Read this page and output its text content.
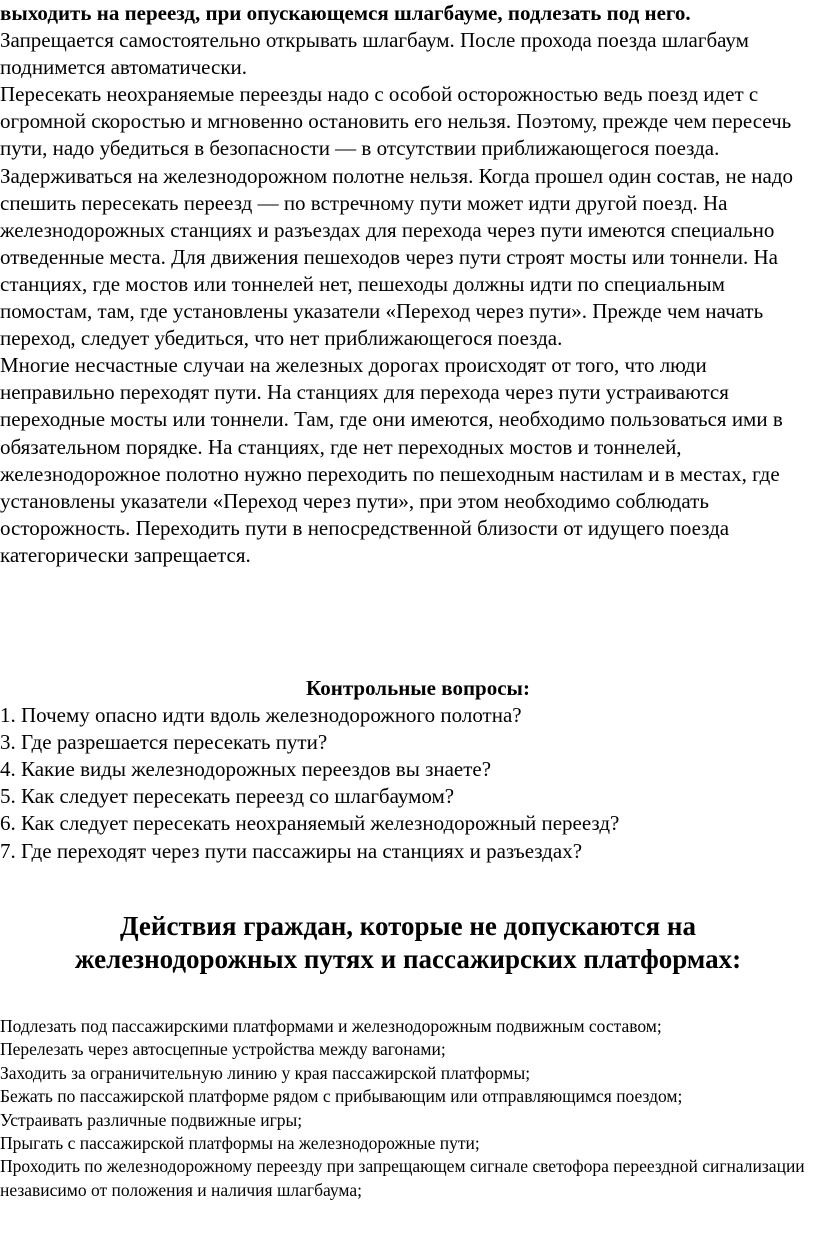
выходить на переезд, при опускающемся шлагбауме, подлезать под него.

Запрещается самостоятельно открывать шлагбаум. После прохода поезда шлагбаум поднимется автоматически.

Пересекать неохраняемые переезды надо с особой осторожностью ведь поезд идет с огромной скоростью и мгновенно остановить его нельзя. Поэтому, прежде чем пересечь пути, надо убедиться в безопасности — в отсутствии приближающегося поезда.

Задерживаться на железнодорожном полотне нельзя. Когда прошел один состав, не надо спешить пересекать переезд — по встречному пути может идти другой поезд. На железнодорожных станциях и разъездах для перехода через пути имеются специально отведенные места. Для движения пешеходов через пути строят мосты или тоннели. На станциях, где мостов или тоннелей нет, пешеходы должны идти по специальным помостам, там, где установлены указатели «Переход через пути». Прежде чем начать переход, следует убедиться, что нет приближающегося поезда.

Многие несчастные случаи на железных дорогах происходят от того, что люди неправильно переходят пути. На станциях для перехода через пути устраиваются переходные мосты или тоннели. Там, где они имеются, необходимо пользоваться ими в обязательном порядке. На станциях, где нет переходных мостов и тоннелей, железнодорожное полотно нужно переходить по пешеходным настилам и в местах, где установлены указатели «Переход через пути», при этом необходимо соблюдать осторожность. Переходить пути в непосредственной близости от идущего поезда категорически запрещается.

Контрольные вопросы:

1. Почему опасно идти вдоль железнодорожного полотна?
3. Где разрешается пересекать пути?
4. Какие виды железнодорожных переездов вы знаете?
5. Как следует пересекать переезд со шлагбаумом?
6. Как следует пересекать неохраняемый железнодорожный переезд?
7. Где переходят через пути пассажиры на станциях и разъездах?
Действия граждан, которые не допускаются на
железнодорожных путях и пассажирских платформах:

Подлезать под пассажирскими платформами и железнодорожным подвижным составом;

Перелезать через автосцепные устройства между вагонами;

Заходить за ограничительную линию у края пассажирской платформы;

Бежать по пассажирской платформе рядом с прибывающим или отправляющимся поездом;

Устраивать различные подвижные игры;

Прыгать с пассажирской платформы на железнодорожные пути;

Проходить по железнодорожному переезду при запрещающем сигнале светофора переездной сигнализации независимо от положения и наличия шлагбаума;
